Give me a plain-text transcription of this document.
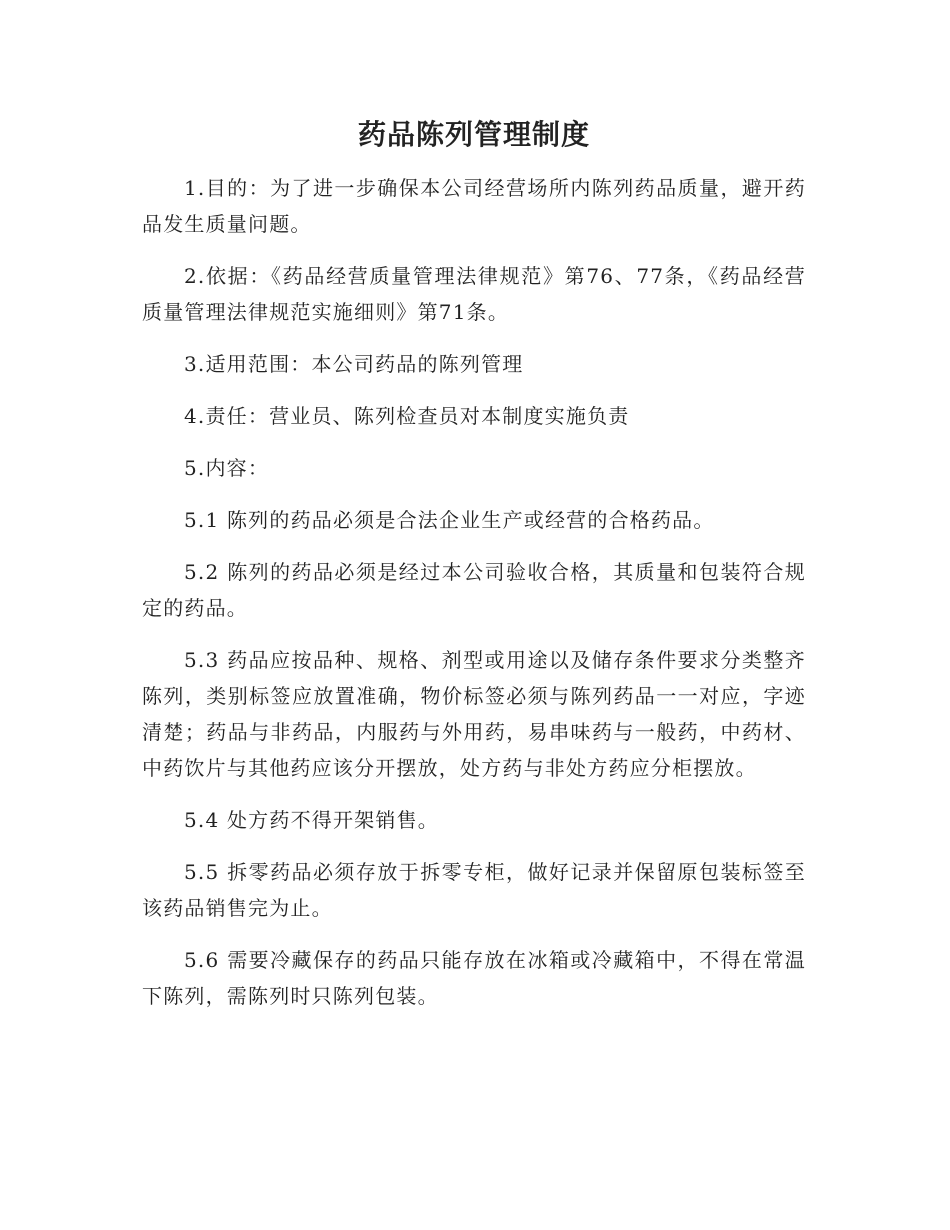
药品陈列管理制度

1.目的：为了进一步确保本公司经营场所内陈列药品质量，避开药品发生质量问题。

2.依据：《药品经营质量管理法律规范》第76、77条，《药品经营质量管理法律规范实施细则》第71条。

3.适用范围：本公司药品的陈列管理

4.责任：营业员、陈列检查员对本制度实施负责

5.内容：

5.1 陈列的药品必须是合法企业生产或经营的合格药品。

5.2 陈列的药品必须是经过本公司验收合格，其质量和包装符合规定的药品。

5.3 药品应按品种、规格、剂型或用途以及储存条件要求分类整齐陈列，类别标签应放置准确，物价标签必须与陈列药品一一对应，字迹清楚；药品与非药品，内服药与外用药，易串味药与一般药，中药材、中药饮片与其他药应该分开摆放，处方药与非处方药应分柜摆放。

5.4 处方药不得开架销售。

5.5 拆零药品必须存放于拆零专柜，做好记录并保留原包装标签至该药品销售完为止。

5.6 需要冷藏保存的药品只能存放在冰箱或冷藏箱中，不得在常温下陈列，需陈列时只陈列包装。
